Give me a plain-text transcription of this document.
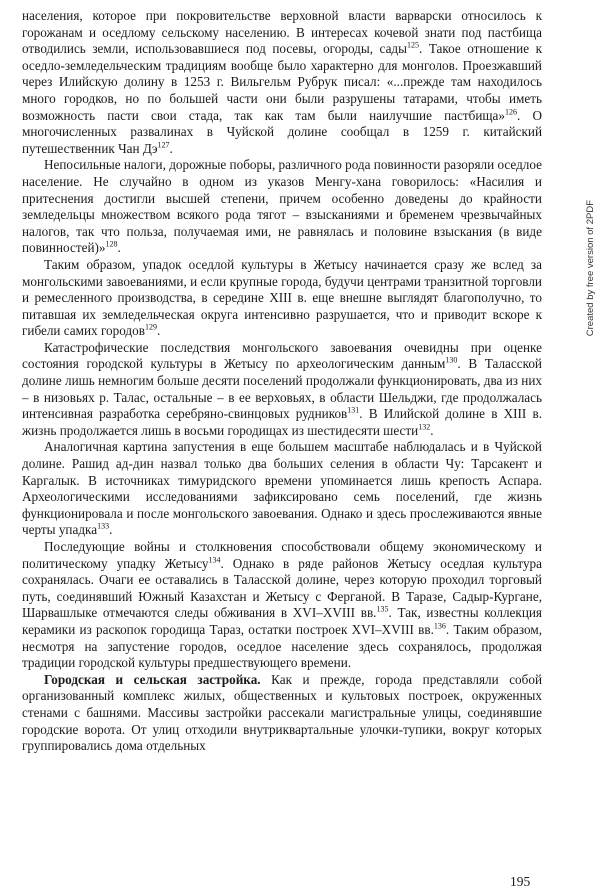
населения, которое при покровительстве верховной власти варварски относилось к горожанам и оседлому сельскому населению. В интересах кочевой знати под пастбища отводились земли, использовавшиеся под посевы, огороды, сады$^{125}$. Такое отношение к оседло-земледельческим традициям вообще было характерно для монголов. Проезжавший через Илийскую долину в 1253 г. Вильгельм Рубрук писал: «...прежде там находилось много городков, но по большей части они были разрушены татарами, чтобы иметь возможность пасти свои стада, так как там были наилучшие пастбища»$^{126}$. О многочисленных развалинах в Чуйской долине сообщал в 1259 г. китайский путешественник Чан $Дэ^{127}$.

Непосильные налоги, дорожные поборы, различного рода повинности разоряли оседлое население. Не случайно в одном из указов Менгу-хана говорилось: «Насилия и притеснения достигли высшей степени, причем особенно доведены до крайности земледельцы множеством всякого рода тягот – взысканиями и бременем чрезвычайных налогов, так что польза, получаемая ими, не равнялась и половине взыскания (в виде повинностей)»$^{128}$.

Таким образом, упадок оседлой культуры в Жетысу начинается сразу же вслед за монгольскими завоеваниями, и если крупные города, будучи центрами транзитной торговли и ремесленного производства, в середине XIII в. еще внешне выглядят благополучно, то питавшая их земледельческая округа интенсивно разрушается, что и приводит вскоре к гибели самих городов$^{129}$.

Катастрофические последствия монгольского завоевания очевидны при оценке состояния городской культуры в Жетысу по археологическим данным$^{130}$. В Таласской долине лишь немногим больше десяти поселений продолжали функционировать, два из них – в низовьях р. Талас, остальные – в ее верховьях, в области Шельджи, где продолжалась интенсивная разработка серебряно-свинцовых рудников$^{131}$. В Илийской долине в XIII в. жизнь продолжается лишь в восьми городищах из шестидесяти шести$^{132}$.

Аналогичная картина запустения в еще большем масштабе наблюдалась и в Чуйской долине. Рашид ад-дин назвал только два больших селения в области Чу: Тарсакент и Каргалык. В источниках тимуридского времени упоминается лишь крепость Аспара. Археологическими исследованиями зафиксировано семь поселений, где жизнь функционировала и после монгольского завоевания. Однако и здесь прослеживаются явные черты упадка$^{133}$.

Последующие войны и столкновения способствовали общему экономическому и политическому упадку Жетысу$^{134}$. Однако в ряде районов Жетысу оседлая культура сохранялась. Очаги ее оставались в Таласской долине, через которую проходил торговый путь, соединявший Южный Казахстан и Жетысу с Ферганой. В Таразе, Садыр-Кургане, Шарвашлыке отмечаются следы обживания в XVI–XVIII вв.$^{135}$. Так, известны коллекция керамики из раскопок городища Тараз, остатки построек XVI–XVIII вв.$^{136}$. Таким образом, несмотря на запустение городов, оседлое население здесь сохранялось, продолжая традиции городской культуры предшествующего времени.

Городская и сельская застройка. Как и прежде, города представляли собой организованный комплекс жилых, общественных и культовых построек, окруженных стенами с башнями. Массивы застройки рассекали магистральные улицы, соединявшие городские ворота. От улиц отходили внутриквартальные улочки-тупики, вокруг которых группировались дома отдельных

Created by free version of 2PDF
195
